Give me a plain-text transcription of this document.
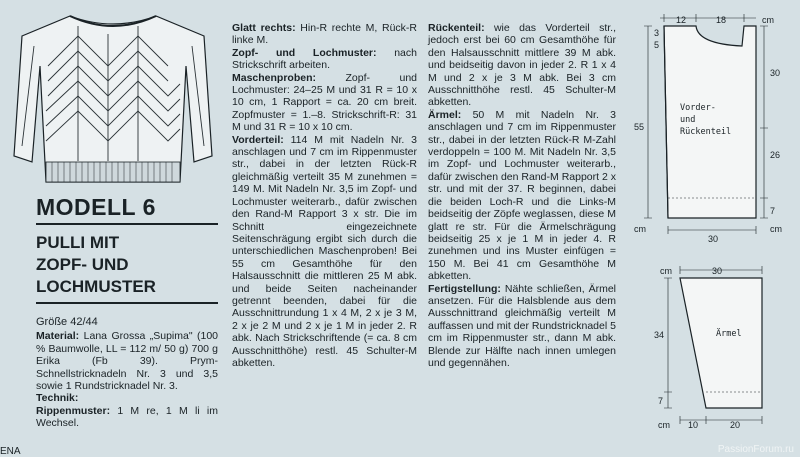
MODELL 6
PULLI MIT
ZOPF- UND
LOCHMUSTER

Größe 42/44

Material: Lana Grossa „Supima" (100 % Baumwolle, LL = 112 m/ 50 g) 700 g Erika (Fb 39). Prym-Schnellstricknadeln Nr. 3 und 3,5 sowie 1 Rundstricknadel Nr. 3.

Technik:

Rippenmuster: 1 M re, 1 M li im Wechsel.

Glatt rechts: Hin-R rechte M, Rück-R linke M.

Zopf- und Lochmuster: nach Strickschrift arbeiten.

Maschenproben:	Zopf- und Lochmuster: 24–25 M und 31 R = 10 x 10 cm, 1 Rapport = ca. 20 cm breit. Zopfmuster = 1.–8. Strickschrift-R: 31 M und 31 R = 10 x 10 cm.

Vorderteil: 114 M mit Nadeln Nr. 3 anschlagen und 7 cm im Rippenmuster str., dabei in der letzten Rück-R gleichmäßig verteilt 35 M zunehmen = 149 M. Mit Nadeln Nr. 3,5 im Zopf- und Lochmuster weiterarb., dafür zwischen den Rand-M Rapport 3 x str. Die im Schnitt eingezeichnete Seitenschrägung ergibt sich durch die unterschiedlichen Maschenproben! Bei 55 cm Gesamthöhe für den Halsausschnitt die mittleren 25 M abk. und beide Seiten nacheinander getrennt beenden, dabei für die Ausschnittrundung 1 x 4 M, 2 x je 3 M, 2 x je 2 M und 2 x je 1 M in jeder 2. R abk. Nach Strickschriftende (= ca. 8 cm Ausschnitthöhe) restl. 45 Schulter-M abketten.

Rückenteil: wie das Vorderteil str., jedoch erst bei 60 cm Gesamthöhe für den Halsausschnitt mittlere 39 M abk. und beidseitig davon in jeder 2. R 1 x 4 M und 2 x je 3 M abk. Bei 3 cm Ausschnitthöhe restl. 45 Schulter-M abketten.

Ärmel: 50 M mit Nadeln Nr. 3 anschlagen und 7 cm im Rippenmuster str., dabei in der letzten Rück-R M-Zahl verdoppeln = 100 M. Mit Nadeln Nr. 3,5 im Zopf- und Lochmuster weiterarb., dafür zwischen den Rand-M Rapport 2 x str. und mit der 37. R beginnen, dabei die beiden Loch-R und die Links-M beidseitig der Zöpfe weglassen, diese M glatt re str. Für die Ärmelschrägung beidseitig 25 x je 1 M in jeder 4. R zunehmen und ins Muster einfügen = 150 M. Bei 41 cm Gesamthöhe M abketten.

Fertigstellung: Nähte schließen, Ärmel ansetzen. Für die Halsblende aus dem Ausschnittrand gleichmäßig verteilt M auffassen und mit der Rundstricknadel 5 cm im Rippenmuster str., dann M abk. Blende zur Hälfte nach innen umlegen und gegennähen.

12	18	cm
3
5
55
30
26
7
cm
cm
30
Vorder-
und
Rückenteil
cm	30
34
7
cm 10	20
Ärmel
ENA	PassionForum.ru
